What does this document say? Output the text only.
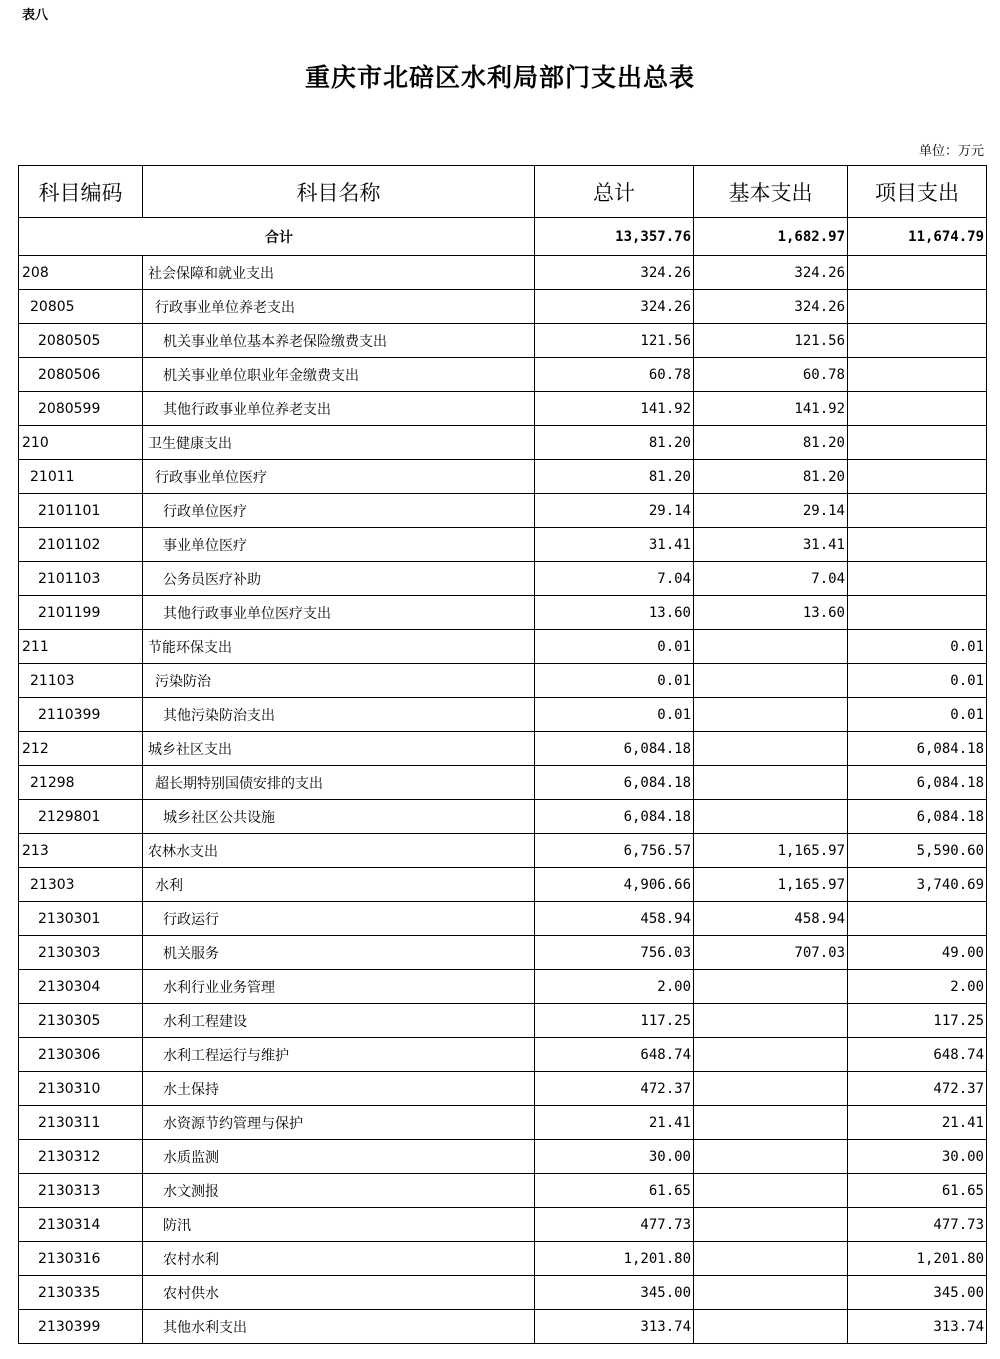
表八
重庆市北碚区水利局部门支出总表
单位：万元
科目编码	科目名称	总计	基本支出	项目支出
合计		13,357.76	1,682.97	11,674.79
208	社会保障和就业支出	324.26	324.26	
20805	行政事业单位养老支出	324.26	324.26	
2080505	机关事业单位基本养老保险缴费支出	121.56	121.56	
2080506	机关事业单位职业年金缴费支出	60.78	60.78	
2080599	其他行政事业单位养老支出	141.92	141.92	
210	卫生健康支出	81.20	81.20	
21011	行政事业单位医疗	81.20	81.20	
2101101	行政单位医疗	29.14	29.14	
2101102	事业单位医疗	31.41	31.41	
2101103	公务员医疗补助	7.04	7.04	
2101199	其他行政事业单位医疗支出	13.60	13.60	
211	节能环保支出	0.01		0.01
21103	污染防治	0.01		0.01
2110399	其他污染防治支出	0.01		0.01
212	城乡社区支出	6,084.18		6,084.18
21298	超长期特别国债安排的支出	6,084.18		6,084.18
2129801	城乡社区公共设施	6,084.18		6,084.18
213	农林水支出	6,756.57	1,165.97	5,590.60
21303	水利	4,906.66	1,165.97	3,740.69
2130301	行政运行	458.94	458.94	
2130303	机关服务	756.03	707.03	49.00
2130304	水利行业业务管理	2.00		2.00
2130305	水利工程建设	117.25		117.25
2130306	水利工程运行与维护	648.74		648.74
2130310	水土保持	472.37		472.37
2130311	水资源节约管理与保护	21.41		21.41
2130312	水质监测	30.00		30.00
2130313	水文测报	61.65		61.65
2130314	防汛	477.73		477.73
2130316	农村水利	1,201.80		1,201.80
2130335	农村供水	345.00		345.00
2130399	其他水利支出	313.74		313.74
